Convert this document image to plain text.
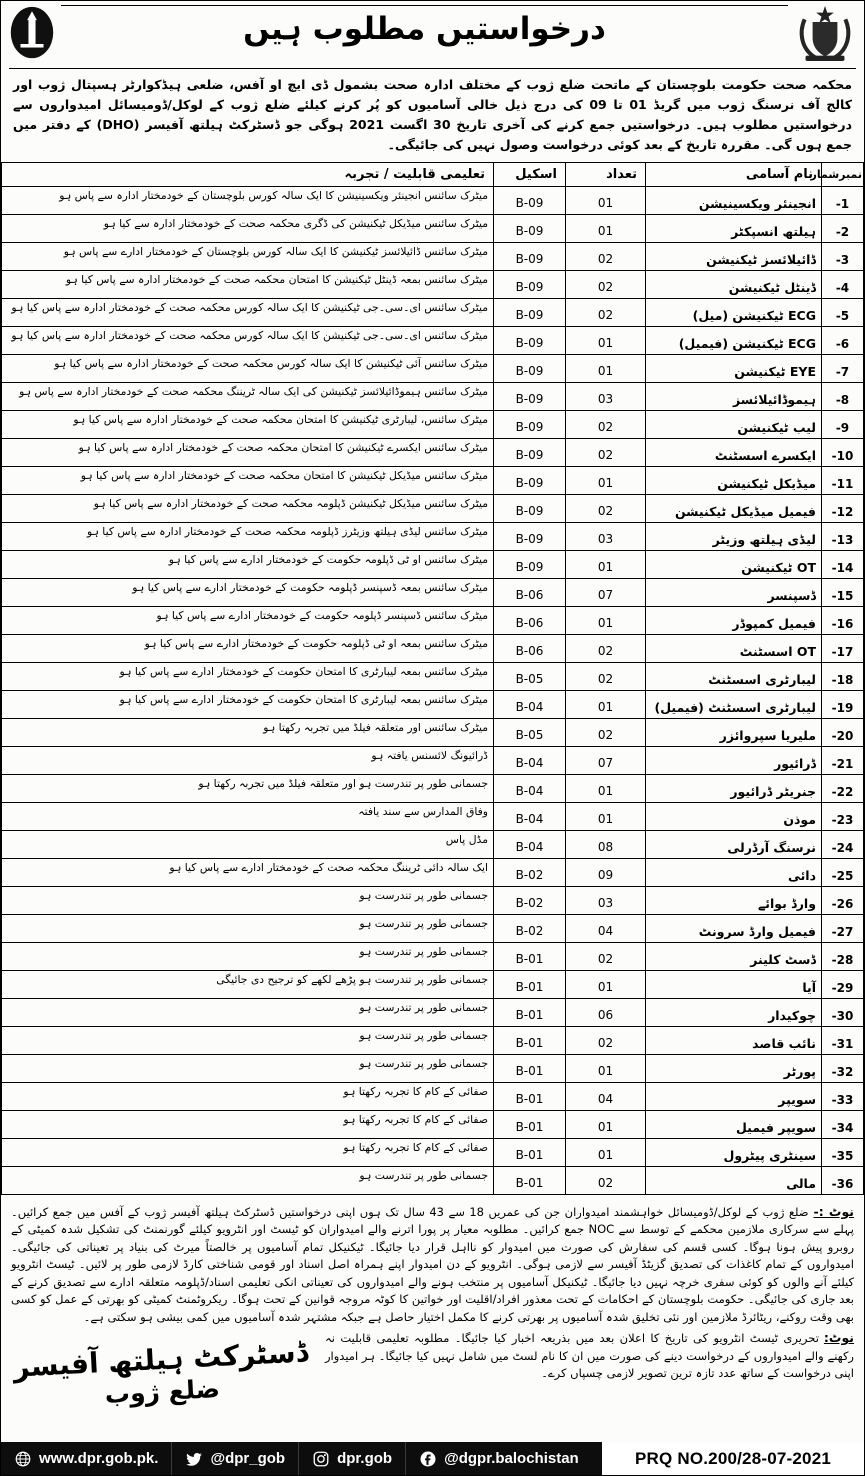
درخواستیں مطلوب ہیں

محکمہ صحت حکومت بلوچستان کے ماتحت ضلع ژوب کے مختلف ادارہ صحت بشمول ڈی ایچ او آفس، ضلعی ہیڈکوارٹر ہسپتال ژوب اور کالج آف نرسنگ ژوب میں گریڈ 01 تا 09 کی درج ذیل خالی آسامیوں کو پُر کرنے کیلئے ضلع ژوب کے لوکل/ڈومیسائل امیدواروں سے درخواستیں مطلوب ہیں۔ درخواستیں جمع کرنے کی آخری تاریخ 30 اگست 2021 ہوگی جو ڈسٹرکٹ ہیلتھ آفیسر (DHO) کے دفتر میں جمع ہوں گی۔ مقررہ تاریخ کے بعد کوئی درخواست وصول نہیں کی جائیگی۔

نمبرشمار	نام آسامی	تعداد	اسکیل	تعلیمی قابلیت / تجربہ
-1	انجینئر ویکسینیشن	01	B-09	میٹرک سائنس انجینئر ویکسینیشن کا ایک سالہ کورس بلوچستان کے خودمختار ادارہ سے پاس ہو
-2	ہیلتھ انسپکٹر	01	B-09	میٹرک سائنس میڈیکل ٹیکنیشن کی ڈگری محکمہ صحت کے خودمختار ادارہ سے کیا ہو
-3	ڈائیلائسز ٹیکنیشن	02	B-09	میٹرک سائنس ڈائیلائسز ٹیکنیشن کا ایک سالہ کورس بلوچستان کے خودمختار ادارے سے پاس ہو
-4	ڈینٹل ٹیکنیشن	02	B-09	میٹرک سائنس بمعہ ڈینٹل ٹیکنیشن کا امتحان محکمہ صحت کے خودمختار ادارہ سے پاس کیا ہو
-5	ECG ٹیکنیشن (میل)	02	B-09	میٹرک سائنس ای۔سی۔جی ٹیکنیشن کا ایک سالہ کورس محکمہ صحت کے خودمختار ادارہ سے پاس کیا ہو
-6	ECG ٹیکنیشن (فیمیل)	01	B-09	میٹرک سائنس ای۔سی۔جی ٹیکنیشن کا ایک سالہ کورس محکمہ صحت کے خودمختار ادارہ سے پاس کیا ہو
-7	EYE ٹیکنیشن	01	B-09	میٹرک سائنس آئی ٹیکنیشن کا ایک سالہ کورس محکمہ صحت کے خودمختار ادارہ سے پاس کیا ہو
-8	ہیموڈائیلائسز	03	B-09	میٹرک سائنس ہیموڈائیلائسز ٹیکنیشن کی ایک سالہ ٹریننگ محکمہ صحت کے خودمختار ادارہ سے پاس ہو
-9	لیب ٹیکنیشن	02	B-09	میٹرک سائنس، لیبارٹری ٹیکنیشن کا امتحان محکمہ صحت کے خودمختار ادارہ سے پاس کیا ہو
-10	ایکسرے اسسٹنٹ	02	B-09	میٹرک سائنس ایکسرے ٹیکنیشن کا امتحان محکمہ صحت کے خودمختار ادارہ سے پاس کیا ہو
-11	میڈیکل ٹیکنیشن	01	B-09	میٹرک سائنس میڈیکل ٹیکنیشن کا امتحان محکمہ صحت کے خودمختار ادارہ سے پاس کیا ہو
-12	فیمیل میڈیکل ٹیکنیشن	02	B-09	میٹرک سائنس میڈیکل ٹیکنیشن ڈپلومہ محکمہ صحت کے خودمختار ادارہ سے پاس کیا ہو
-13	لیڈی ہیلتھ وزیٹر	03	B-09	میٹرک سائنس لیڈی ہیلتھ وزیٹرز ڈپلومہ محکمہ صحت کے خودمختار ادارہ سے پاس کیا ہو
-14	OT ٹیکنیشن	01	B-09	میٹرک سائنس او ٹی ڈپلومہ حکومت کے خودمختار ادارے سے پاس کیا ہو
-15	ڈسپنسر	07	B-06	میٹرک سائنس بمعہ ڈسپنسر ڈپلومہ حکومت کے خودمختار ادارے سے پاس کیا ہو
-16	فیمیل کمپوڈر	01	B-06	میٹرک سائنس ڈسپنسر ڈپلومہ حکومت کے خودمختار ادارے سے پاس کیا ہو
-17	OT اسسٹنٹ	02	B-06	میٹرک سائنس بمعہ او ٹی ڈپلومہ حکومت کے خودمختار ادارے سے پاس کیا ہو
-18	لیبارٹری اسسٹنٹ	02	B-05	میٹرک سائنس بمعہ لیبارٹری کا امتحان حکومت کے خودمختار ادارے سے پاس کیا ہو
-19	لیبارٹری اسسٹنٹ (فیمیل)	01	B-04	میٹرک سائنس بمعہ لیبارٹری کا امتحان حکومت کے خودمختار ادارے سے پاس کیا ہو
-20	ملیریا سپروائزر	02	B-05	میٹرک سائنس اور متعلقہ فیلڈ میں تجربہ رکھتا ہو
-21	ڈرائیور	07	B-04	ڈرائیونگ لائسنس یافتہ ہو
-22	جنریٹر ڈرائیور	01	B-04	جسمانی طور پر تندرست ہو اور متعلقہ فیلڈ میں تجربہ رکھتا ہو
-23	موذن	01	B-04	وفاق المدارس سے سند یافتہ
-24	نرسنگ آرڈرلی	08	B-04	مڈل پاس
-25	دائی	09	B-02	ایک سالہ دائی ٹریننگ محکمہ صحت کے خودمختار ادارے سے پاس کیا ہو
-26	وارڈ بوائے	03	B-02	جسمانی طور پر تندرست ہو
-27	فیمیل وارڈ سرونٹ	04	B-02	جسمانی طور پر تندرست ہو
-28	ڈسٹ کلینر	02	B-01	جسمانی طور پر تندرست ہو
-29	آیا	01	B-01	جسمانی طور پر تندرست ہو پڑھے لکھے کو ترجیح دی جائیگی
-30	چوکیدار	06	B-01	جسمانی طور پر تندرست ہو
-31	نائب قاصد	02	B-01	جسمانی طور پر تندرست ہو
-32	پورٹر	01	B-01	جسمانی طور پر تندرست ہو
-33	سویپر	04	B-01	صفائی کے کام کا تجربہ رکھتا ہو
-34	سویپر فیمیل	01	B-01	صفائی کے کام کا تجربہ رکھتا ہو
-35	سینٹری پیٹرول	01	B-01	صفائی کے کام کا تجربہ رکھتا ہو
-36	مالی	02	B-01	جسمانی طور پر تندرست ہو

نوٹ :-ضلع ژوب کے لوکل/ڈومیسائل خواہشمند امیدواران جن کی عمریں 18 سے 43 سال تک ہوں اپنی درخواستیں ڈسٹرکٹ ہیلتھ آفیسر ژوب کے آفس میں جمع کرائیں۔ پہلے سے سرکاری ملازمین محکمے کے توسط سے NOC جمع کرائیں۔ مطلوبہ معیار پر پورا اترنے والے امیدواران کو ٹیسٹ اور انٹرویو کیلئے گورنمنٹ کی تشکیل شدہ کمیٹی کے روبرو پیش ہونا ہوگا۔ کسی قسم کی سفارش کی صورت میں امیدوار کو نااہل قرار دیا جائیگا۔ ٹیکنیکل تمام آسامیوں پر خالصتاً میرٹ کی بنیاد پر تعیناتی کی جائیگی۔ امیدواروں کے تمام کاغذات کی تصدیق گزیٹڈ آفیسر سے لازمی ہوگی۔ انٹرویو کے دن امیدوار اپنے ہمراہ اصل اسناد اور قومی شناختی کارڈ لازمی طور پر لائیں۔ ٹیسٹ انٹرویو کیلئے آنے والوں کو کوئی سفری خرچہ نہیں دیا جائیگا۔ ٹیکنیکل آسامیوں پر منتخب ہونے والے امیدواروں کی تعیناتی انکی تعلیمی اسناد/ڈپلومہ متعلقہ ادارے سے تصدیق کرنے کے بعد جاری کی جائیگی۔ حکومت بلوچستان کے احکامات کے تحت معذور افراد/اقلیت اور خواتین کا کوٹہ مروجہ قوانین کے تحت ہوگا۔ ریکروٹمنٹ کمیٹی کو بھرتی کے عمل کو کسی بھی وقت روکنے، ریٹائرڈ ملازمین اور نئی تخلیق شدہ آسامیوں پر بھرتی کرنے کا مکمل اختیار حاصل ہے جبکہ مشتہر شدہ آسامیوں میں کمی بیشی ہو سکتی ہے۔

نوٹ:تحریری ٹیسٹ انٹرویو کی تاریخ کا اعلان بعد میں بذریعہ اخبار کیا جائیگا۔ مطلوبہ تعلیمی قابلیت نہ رکھنے والے امیدواروں کے درخواست دینے کی صورت میں ان کا نام لسٹ میں شامل نہیں کیا جائیگا۔ ہر امیدوار اپنی درخواست کے ساتھ عدد تازہ ترین تصویر لازمی چسپاں کرے۔

ڈسٹرکٹ ہیلتھ آفیسر
ضلع ژوب
www.dpr.gob.pk.	@dpr_gob	dpr.gob	@dgpr.balochistan	PRQ NO.200/28-07-2021
